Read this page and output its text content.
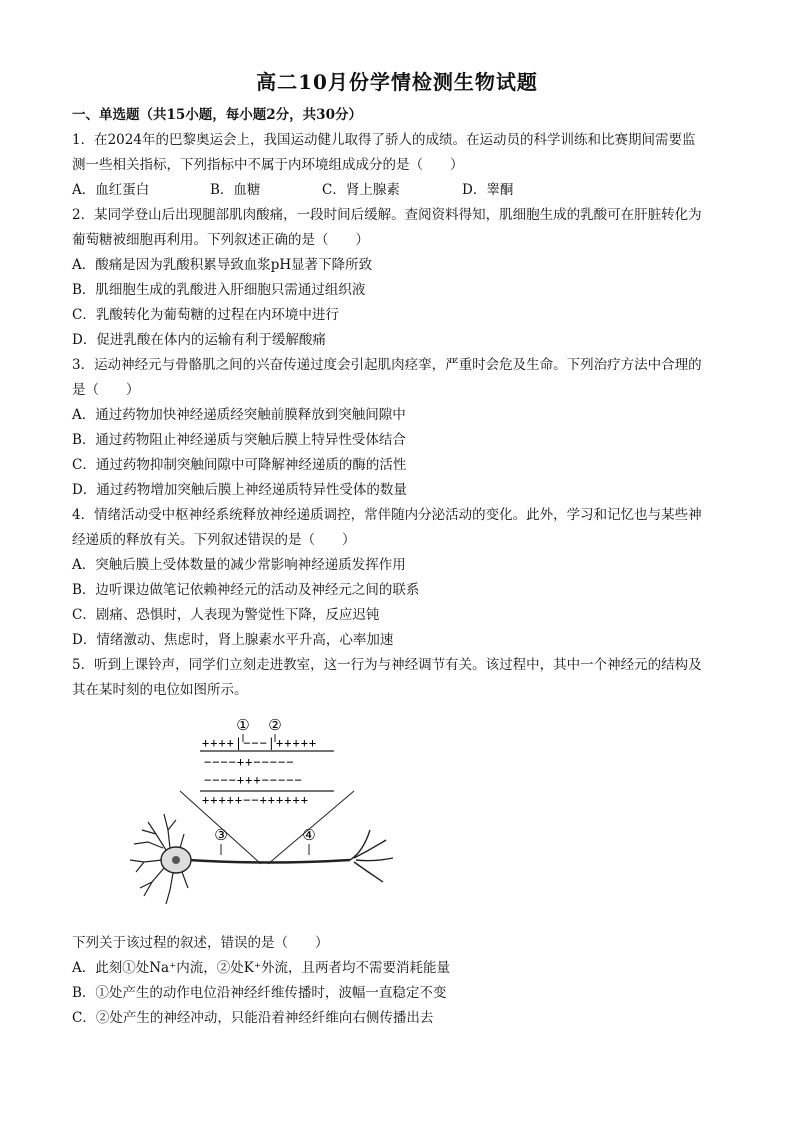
高二10月份学情检测生物试题
一、单选题（共15小题，每小题2分，共30分）
1．在2024年的巴黎奥运会上，我国运动健儿取得了骄人的成绩。在运动员的科学训练和比赛期间需要监
测一些相关指标，下列指标中不属于内环境组成成分的是（　　）
A．血红蛋白	B．血糖	C．肾上腺素	D．睾酮
2．某同学登山后出现腿部肌肉酸痛，一段时间后缓解。查阅资料得知，肌细胞生成的乳酸可在肝脏转化为
葡萄糖被细胞再利用。下列叙述正确的是（　　）
A．酸痛是因为乳酸积累导致血浆pH显著下降所致
B．肌细胞生成的乳酸进入肝细胞只需通过组织液
C．乳酸转化为葡萄糖的过程在内环境中进行
D．促进乳酸在体内的运输有利于缓解酸痛
3．运动神经元与骨骼肌之间的兴奋传递过度会引起肌肉痉挛，严重时会危及生命。下列治疗方法中合理的
是（　　）
A．通过药物加快神经递质经突触前膜释放到突触间隙中
B．通过药物阻止神经递质与突触后膜上特异性受体结合
C．通过药物抑制突触间隙中可降解神经递质的酶的活性
D．通过药物增加突触后膜上神经递质特异性受体的数量
4．情绪活动受中枢神经系统释放神经递质调控，常伴随内分泌活动的变化。此外，学习和记忆也与某些神
经递质的释放有关。下列叙述错误的是（　　）
A．突触后膜上受体数量的减少常影响神经递质发挥作用
B．边听课边做笔记依赖神经元的活动及神经元之间的联系
C．剧痛、恐惧时，人表现为警觉性下降，反应迟钝
D．情绪激动、焦虑时，肾上腺素水平升高，心率加速
5．听到上课铃声，同学们立刻走进教室，这一行为与神经调节有关。该过程中，其中一个神经元的结构及
其在某时刻的电位如图所示。
① ②
++++|−−−|+++++
−−−−++−−−−−
−−−−+++−−−−−
+++++−−++++++
③	④
下列关于该过程的叙述，错误的是（　　）
A．此刻①处Na⁺内流，②处K⁺外流，且两者均不需要消耗能量
B．①处产生的动作电位沿神经纤维传播时，波幅一直稳定不变
C．②处产生的神经冲动，只能沿着神经纤维向右侧传播出去
